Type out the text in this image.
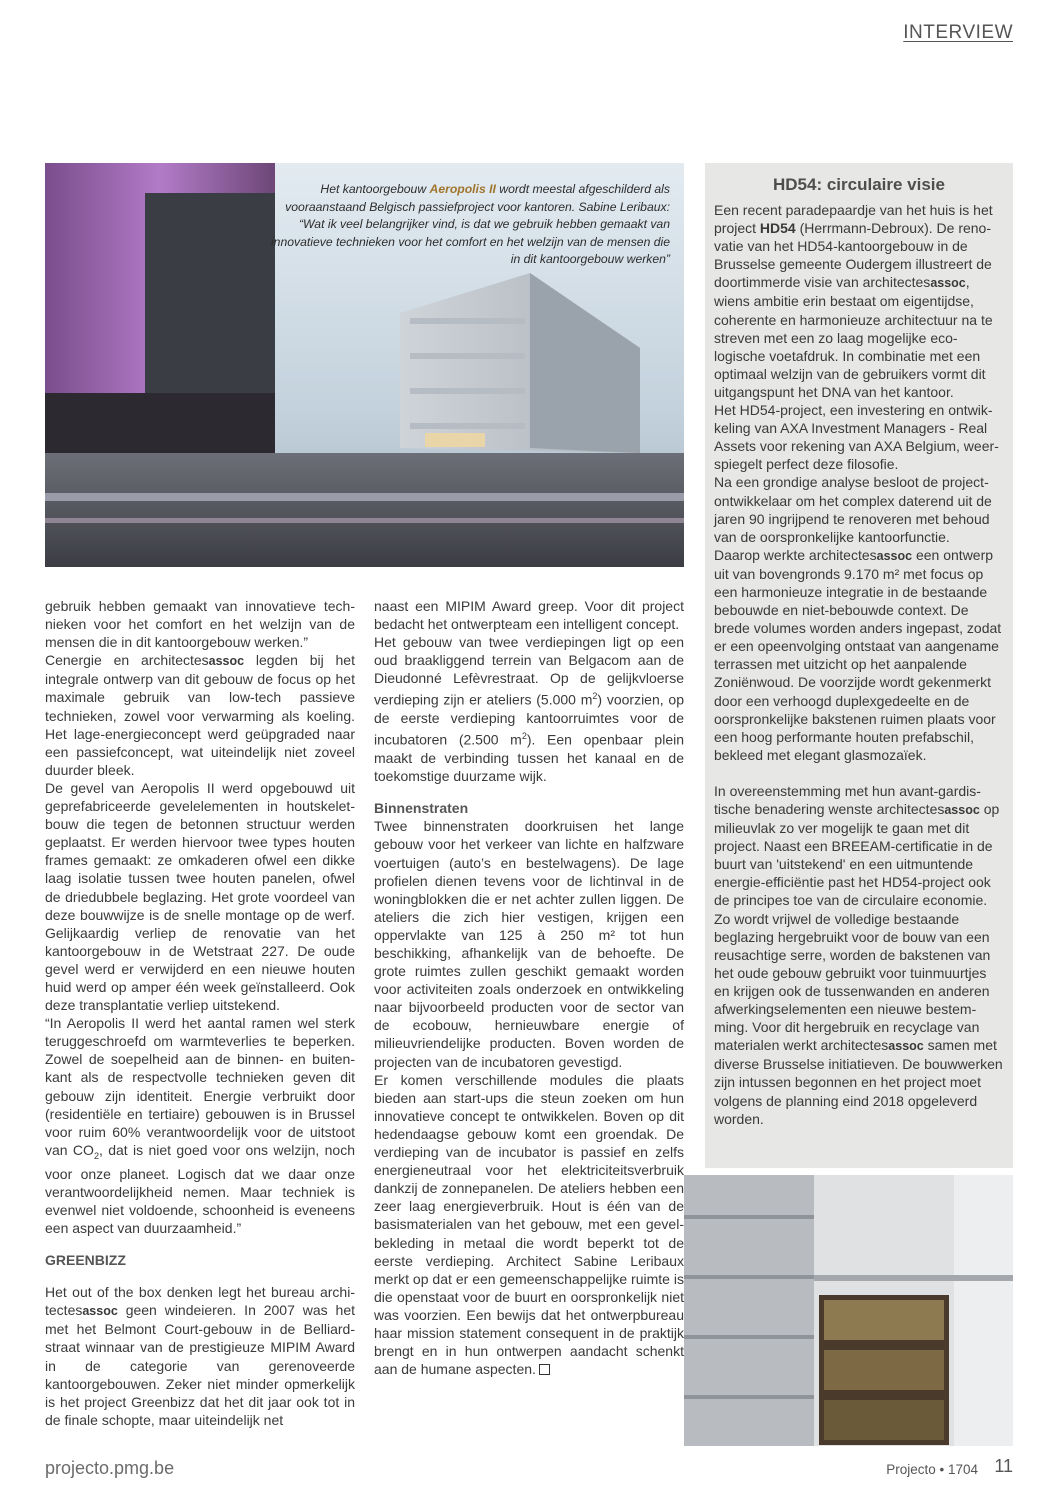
INTERVIEW
Het kantoorgebouw Aeropolis II wordt meestal afgeschilderd als vooraanstaand Belgisch passiefproject voor kantoren. Sabine Leribaux: “Wat ik veel belangrijker vind, is dat we gebruik hebben gemaakt van innovatieve technieken voor het comfort en het welzijn van de mensen die in dit kantoorgebouw werken”

gebruik hebben gemaakt van innovatieve technieken voor het comfort en het welzijn van de mensen die in dit kantoorgebouw werken.”

Cenergie en architectesassoc legden bij het integrale ontwerp van dit gebouw de focus op het maximale gebruik van low-tech passieve technieken, zowel voor verwarming als koeling. Het lage-energieconcept werd geüpgraded naar een passiefconcept, wat uiteindelijk niet zoveel duurder bleek.

De gevel van Aeropolis II werd opgebouwd uit geprefabriceerde gevelelementen in houtskeletbouw die tegen de betonnen structuur werden geplaatst. Er werden hiervoor twee types houten frames gemaakt: ze omkaderen ofwel een dikke laag isolatie tussen twee houten panelen, ofwel de driedubbele beglazing. Het grote voordeel van deze bouwwijze is de snelle montage op de werf. Gelijkaardig verliep de renovatie van het kantoorgebouw in de Wetstraat 227. De oude gevel werd er verwijderd en een nieuwe houten huid werd op amper één week geïnstalleerd. Ook deze transplantatie verliep uitstekend.

“In Aeropolis II werd het aantal ramen wel sterk teruggeschroefd om warmteverlies te beperken. Zowel de soepelheid aan de binnen- en buitenkant als de respectvolle technieken geven dit gebouw zijn identiteit. Energie verbruikt door (residentiële en tertiaire) gebouwen is in Brussel voor ruim 60% verantwoordelijk voor de uitstoot van $CO_2$, dat is niet goed voor ons welzijn, noch voor onze planeet. Logisch dat we daar onze verantwoordelijkheid nemen. Maar techniek is evenwel niet voldoende, schoonheid is eveneens een aspect van duurzaamheid.”

GREENBIZZ

Het out of the box denken legt het bureau architectesassoc geen windeieren. In 2007 was het met het Belmont Court-gebouw in de Belliardstraat winnaar van de prestigieuze MIPIM Award in de categorie van gerenoveerde kantoorgebouwen. Zeker niet minder opmerkelijk is het project Greenbizz dat het dit jaar ook tot in de finale schopte, maar uiteindelijk net

naast een MIPIM Award greep. Voor dit project bedacht het ontwerpteam een intelligent concept.

Het gebouw van twee verdiepingen ligt op een oud braakliggend terrein van Belgacom aan de Dieudonné Lefèvrestraat. Op de gelijkvloerse verdieping zijn er ateliers (5.000 $m^2$) voorzien, op de eerste verdieping kantoorruimtes voor de incubatoren (2.500 $m^2$). Een openbaar plein maakt de verbinding tussen het kanaal en de toekomstige duurzame wijk.

Binnenstraten

Twee binnenstraten doorkruisen het lange gebouw voor het verkeer van lichte en halfzware voertuigen (auto’s en bestelwagens). De lage profielen dienen tevens voor de lichtinval in de woningblokken die er net achter zullen liggen. De ateliers die zich hier vestigen, krijgen een oppervlakte van 125 à 250 m² tot hun beschikking, afhankelijk van de behoefte. De grote ruimtes zullen geschikt gemaakt worden voor activiteiten zoals onderzoek en ontwikkeling naar bijvoorbeeld producten voor de sector van de ecobouw, hernieuwbare energie of milieuvriendelijke producten. Boven worden de projecten van de incubatoren gevestigd.

Er komen verschillende modules die plaats bieden aan start-ups die steun zoeken om hun innovatieve concept te ontwikkelen. Boven op dit hedendaagse gebouw komt een groendak. De verdieping van de incubator is passief en zelfs energieneutraal voor het elektriciteitsverbruik dankzij de zonnepanelen. De ateliers hebben een zeer laag energieverbruik. Hout is één van de basismaterialen van het gebouw, met een gevelbekleding in metaal die wordt beperkt tot de eerste verdieping. Architect Sabine Leribaux merkt op dat er een gemeenschappelijke ruimte is die openstaat voor de buurt en oorspronkelijk niet was voorzien. Een bewijs dat het ontwerpbureau haar mission statement consequent in de praktijk brengt en in hun ontwerpen aandacht schenkt aan de humane aspecten.

HD54: circulaire visie

Een recent paradepaardje van het huis is het project HD54 (Herrmann-Debroux). De renovatie van het HD54-kantoorgebouw in de Brusselse gemeente Oudergem illustreert de doortimmerde visie van architectesassoc, wiens ambitie erin bestaat om eigentijdse, coherente en harmonieuze architectuur na te streven met een zo laag mogelijke ecologische voetafdruk. In combinatie met een optimaal welzijn van de gebruikers vormt dit uitgangspunt het DNA van het kantoor.

Het HD54-project, een investering en ontwikkeling van AXA Investment Managers - Real Assets voor rekening van AXA Belgium, weerspiegelt perfect deze filosofie.

Na een grondige analyse besloot de projectontwikkelaar om het complex daterend uit de jaren 90 ingrijpend te renoveren met behoud van de oorspronkelijke kantoorfunctie.

Daarop werkte architectesassoc een ontwerp uit van bovengronds 9.170 m² met focus op een harmonieuze integratie in de bestaande bebouwde en niet-bebouwde context. De brede volumes worden anders ingepast, zodat er een opeenvolging ontstaat van aangename terrassen met uitzicht op het aanpalende Zoniënwoud. De voorzijde wordt gekenmerkt door een verhoogd duplexgedeelte en de oorspronkelijke bakstenen ruimen plaats voor een hoog performante houten prefabschil, bekleed met elegant glasmozaïek.

In overeenstemming met hun avant-gardistische benadering wenste architectesassoc op milieuvlak zo ver mogelijk te gaan met dit project. Naast een BREEAM-certificatie in de buurt van 'uitstekend' en een uitmuntende energie-efficiëntie past het HD54-project ook de principes toe van de circulaire economie. Zo wordt vrijwel de volledige bestaande beglazing hergebruikt voor de bouw van een reusachtige serre, worden de bakstenen van het oude gebouw gebruikt voor tuinmuurtjes en krijgen ook de tussenwanden en anderen afwerkingselementen een nieuwe bestemming. Voor dit hergebruik en recyclage van materialen werkt architectesassoc samen met diverse Brusselse initiatieven. De bouwwerken zijn intussen begonnen en het project moet volgens de planning eind 2018 opgeleverd worden.

projecto.pmg.be	Projecto • 1704 11
